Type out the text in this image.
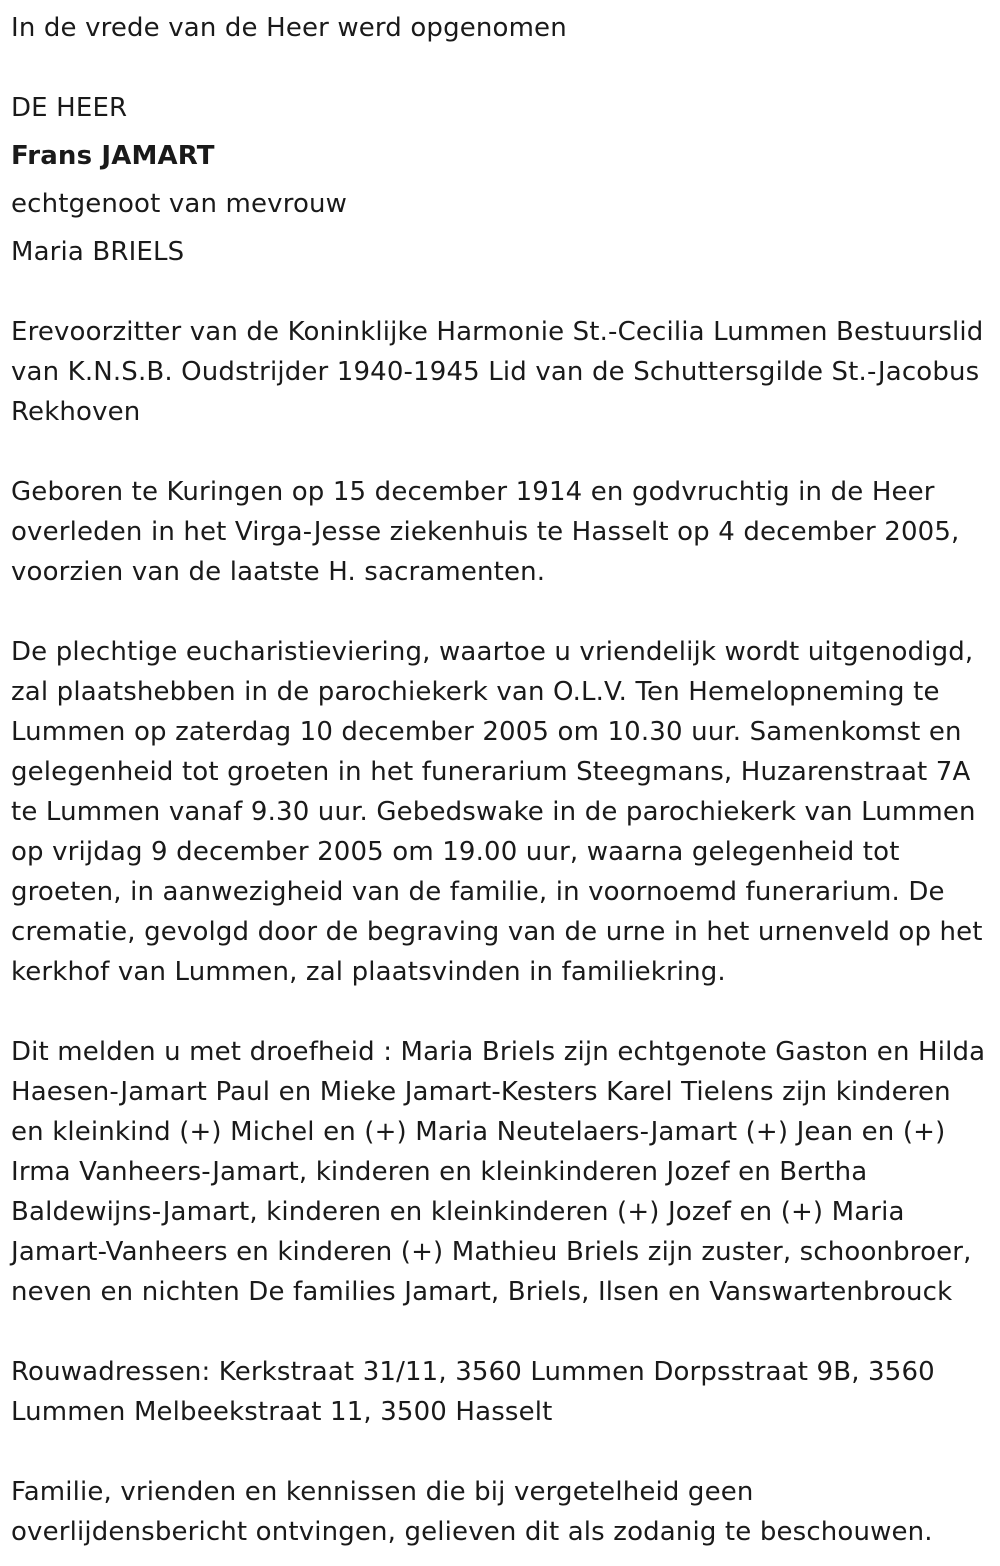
In de vrede van de Heer werd opgenomen

DE HEER

Frans JAMART

echtgenoot van mevrouw

Maria BRIELS

Erevoorzitter van de Koninklijke Harmonie St.-Cecilia Lummen Bestuurslid van K.N.S.B. Oudstrijder 1940-1945 Lid van de Schuttersgilde St.-Jacobus Rekhoven

Geboren te Kuringen op 15 december 1914 en godvruchtig in de Heer overleden in het Virga-Jesse ziekenhuis te Hasselt op 4 december 2005, voorzien van de laatste H. sacramenten.

De plechtige eucharistieviering, waartoe u vriendelijk wordt uitgenodigd, zal plaatshebben in de parochiekerk van O.L.V. Ten Hemelopneming te Lummen op zaterdag 10 december 2005 om 10.30 uur. Samenkomst en gelegenheid tot groeten in het funerarium Steegmans, Huzarenstraat 7A te Lummen vanaf 9.30 uur. Gebedswake in de parochiekerk van Lummen op vrijdag 9 december 2005 om 19.00 uur, waarna gelegenheid tot groeten, in aanwezigheid van de familie, in voornoemd funerarium. De crematie, gevolgd door de begraving van de urne in het urnenveld op het kerkhof van Lummen, zal plaatsvinden in familiekring.

Dit melden u met droefheid : Maria Briels zijn echtgenote Gaston en Hilda Haesen-Jamart Paul en Mieke Jamart-Kesters Karel Tielens zijn kinderen en kleinkind (+) Michel en (+) Maria Neutelaers-Jamart (+) Jean en (+) Irma Vanheers-Jamart, kinderen en kleinkinderen Jozef en Bertha Baldewijns-Jamart, kinderen en kleinkinderen (+) Jozef en (+) Maria Jamart-Vanheers en kinderen (+) Mathieu Briels zijn zuster, schoonbroer, neven en nichten De families Jamart, Briels, Ilsen en Vanswartenbrouck

Rouwadressen: Kerkstraat 31/11, 3560 Lummen Dorpsstraat 9B, 3560 Lummen Melbeekstraat 11, 3500 Hasselt

Familie, vrienden en kennissen die bij vergetelheid geen overlijdensbericht ontvingen, gelieven dit als zodanig te beschouwen.
